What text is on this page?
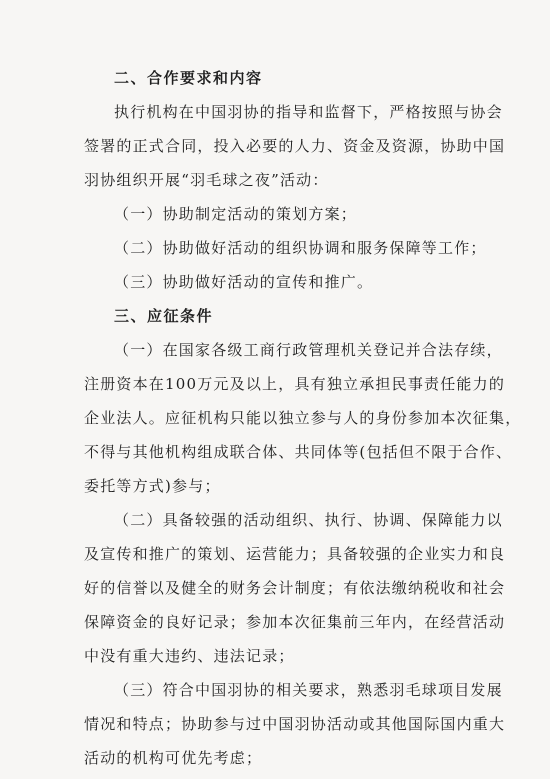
二、合作要求和内容
执行机构在中国羽协的指导和监督下，严格按照与协会
签署的正式合同，投入必要的人力、资金及资源，协助中国
羽协组织开展“羽毛球之夜”活动：
（一）协助制定活动的策划方案；
（二）协助做好活动的组织协调和服务保障等工作；
（三）协助做好活动的宣传和推广。
三、应征条件
（一）在国家各级工商行政管理机关登记并合法存续，
注册资本在100万元及以上，具有独立承担民事责任能力的
企业法人。应征机构只能以独立参与人的身份参加本次征集，
不得与其他机构组成联合体、共同体等(包括但不限于合作、
委托等方式)参与；
（二）具备较强的活动组织、执行、协调、保障能力以
及宣传和推广的策划、运营能力；具备较强的企业实力和良
好的信誉以及健全的财务会计制度；有依法缴纳税收和社会
保障资金的良好记录；参加本次征集前三年内，在经营活动
中没有重大违约、违法记录；
（三）符合中国羽协的相关要求，熟悉羽毛球项目发展
情况和特点；协助参与过中国羽协活动或其他国际国内重大
活动的机构可优先考虑；
